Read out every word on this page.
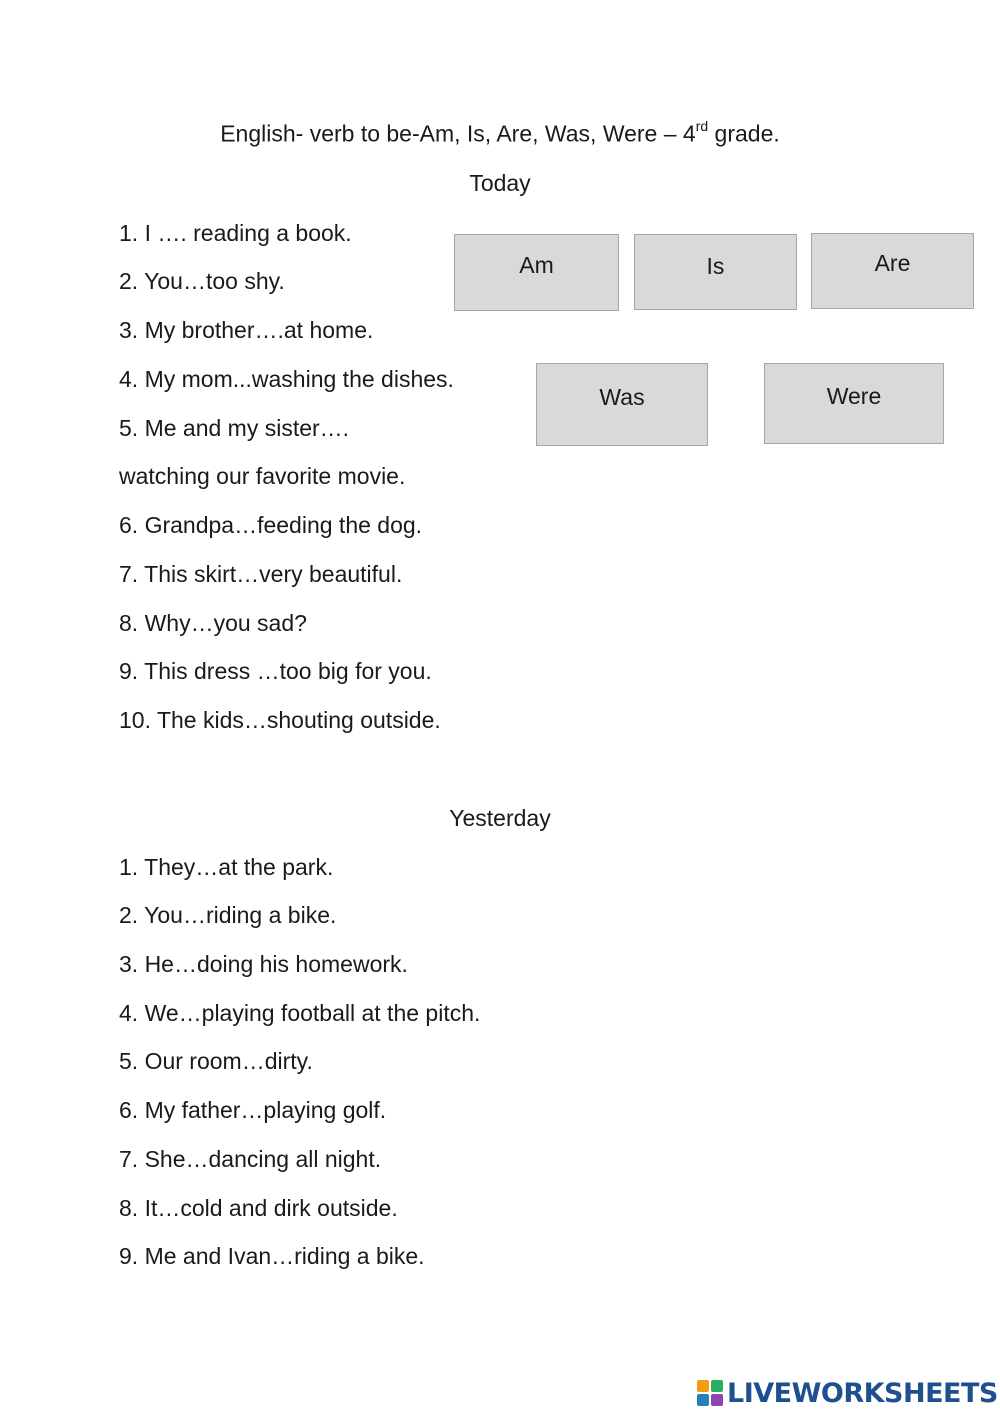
English- verb to be-Am, Is, Are, Was, Were – 4rd grade.
Today
1. I …. reading a book.
2. You…too shy.
3. My brother….at home.
4. My mom...washing the dishes.
5. Me and my sister….
watching our favorite movie.
6. Grandpa…feeding the dog.
7. This skirt…very beautiful.
8. Why…you sad?
9. This dress …too big for you.
10. The kids…shouting outside.
Am	Is	Are
Was	Were
Yesterday
1. They…at the park.
2. You…riding a bike.
3. He…doing his homework.
4. We…playing football at the pitch.
5. Our room…dirty.
6. My father…playing golf.
7. She…dancing all night.
8. It…cold and dirk outside.
9. Me and Ivan…riding a bike.
LIVEWORKSHEETS
